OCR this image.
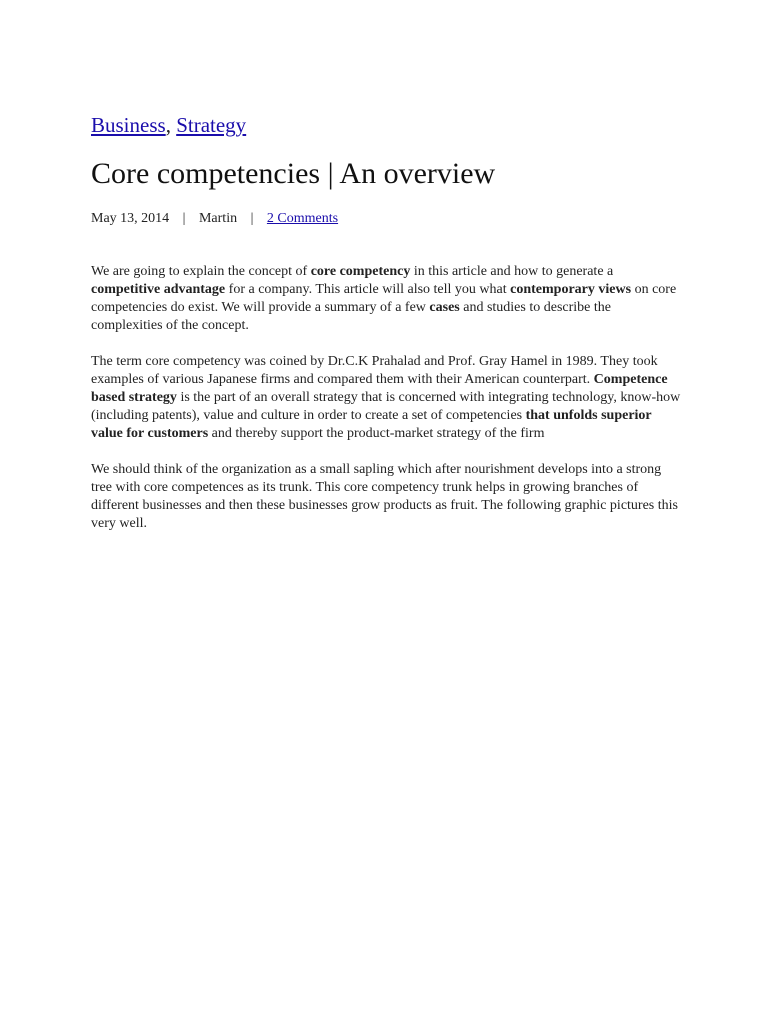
Business, Strategy
Core competencies | An overview
May 13, 2014 | Martin | 2 Comments

We are going to explain the concept of core competency in this article and how to generate a competitive advantage for a company. This article will also tell you what contemporary views on core competencies do exist. We will provide a summary of a few cases and studies to describe the complexities of the concept.

The term core competency was coined by Dr.C.K Prahalad and Prof. Gray Hamel in 1989. They took examples of various Japanese firms and compared them with their American counterpart. Competence based strategy is the part of an overall strategy that is concerned with integrating technology, know-how (including patents), value and culture in order to create a set of competencies that unfolds superior value for customers and thereby support the product-market strategy of the firm

We should think of the organization as a small sapling which after nourishment develops into a strong tree with core competences as its trunk. This core competency trunk helps in growing branches of different businesses and then these businesses grow products as fruit. The following graphic pictures this very well.
